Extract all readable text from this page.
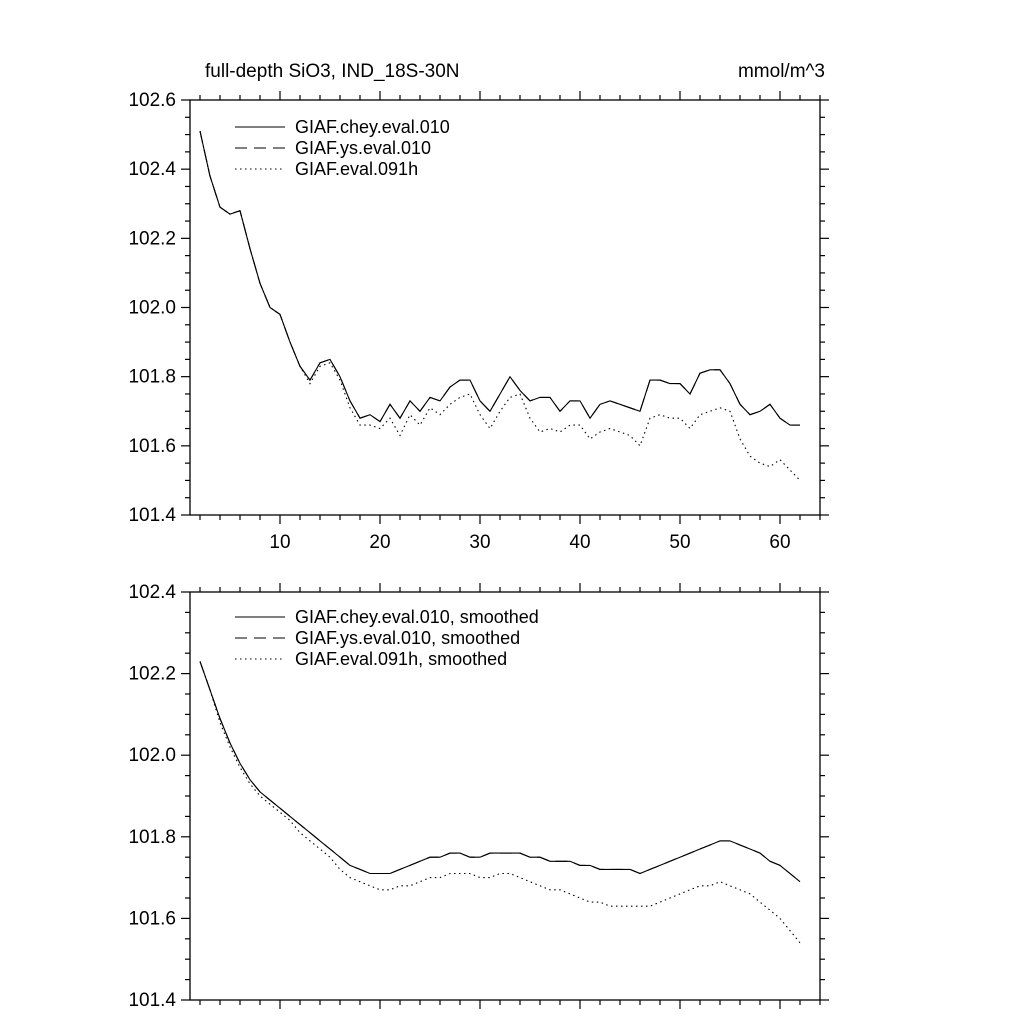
full-depth SiO3, IND_18S-30N	mmol/m^3
10	20	30	40	50	60
101.4
101.6
101.8
102.0
102.2
102.4
102.6
GIAF.chey.eval.010
GIAF.ys.eval.010
GIAF.eval.091h
101.4
101.6
101.8
102.0
102.2
102.4
GIAF.chey.eval.010, smoothed
GIAF.ys.eval.010, smoothed
GIAF.eval.091h, smoothed
